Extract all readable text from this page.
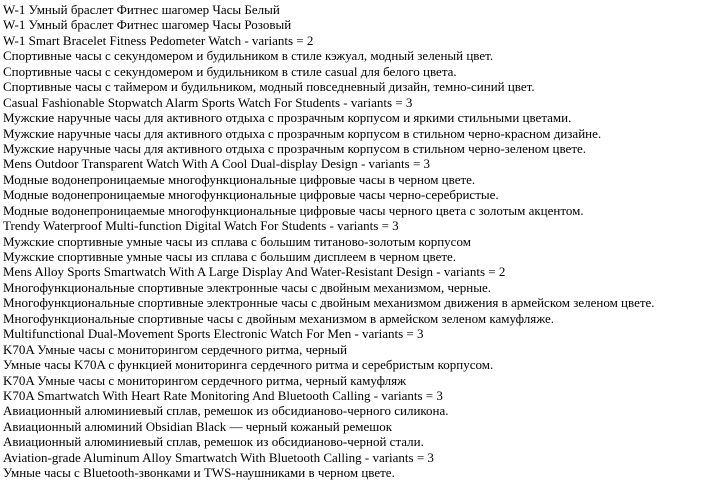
W-1 Умный браслет Фитнес шагомер Часы Белый
W-1 Умный браслет Фитнес шагомер Часы Розовый
W-1 Smart Bracelet Fitness Pedometer Watch - variants = 2
Спортивные часы с секундомером и будильником в стиле кэжуал, модный зеленый цвет.
Спортивные часы с секундомером и будильником в стиле casual для белого цвета.
Спортивные часы с таймером и будильником, модный повседневный дизайн, темно-синий цвет.
Casual Fashionable Stopwatch Alarm Sports Watch For Students - variants = 3
Мужские наручные часы для активного отдыха с прозрачным корпусом и яркими стильными цветами.
Мужские наручные часы для активного отдыха с прозрачным корпусом в стильном черно-красном дизайне.
Мужские наручные часы для активного отдыха с прозрачным корпусом в стильном черно-зеленом цвете.
Mens Outdoor Transparent Watch With A Cool Dual-display Design - variants = 3
Модные водонепроницаемые многофункциональные цифровые часы в черном цвете.
Модные водонепроницаемые многофункциональные цифровые часы черно-серебристые.
Модные водонепроницаемые многофункциональные цифровые часы черного цвета с золотым акцентом.
Trendy Waterproof Multi-function Digital Watch For Students - variants = 3
Мужские спортивные умные часы из сплава с большим титаново-золотым корпусом
Мужские спортивные умные часы из сплава с большим дисплеем в черном цвете.
Mens Alloy Sports Smartwatch With A Large Display And Water-Resistant Design - variants = 2
Многофункциональные спортивные электронные часы с двойным механизмом, черные.
Многофункциональные спортивные электронные часы с двойным механизмом движения в армейском зеленом цвете.
Многофункциональные спортивные часы с двойным механизмом в армейском зеленом камуфляже.
Multifunctional Dual-Movement Sports Electronic Watch For Men - variants = 3
K70A Умные часы с мониторингом сердечного ритма, черный
Умные часы K70A с функцией мониторинга сердечного ритма и серебристым корпусом.
K70A Умные часы с мониторингом сердечного ритма, черный камуфляж
K70A Smartwatch With Heart Rate Monitoring And Bluetooth Calling - variants = 3
Авиационный алюминиевый сплав, ремешок из обсидианово-черного силикона.
Авиационный алюминий Obsidian Black — черный кожаный ремешок
Авиационный алюминиевый сплав, ремешок из обсидианово-черной стали.
Aviation-grade Aluminum Alloy Smartwatch With Bluetooth Calling - variants = 3
Умные часы с Bluetooth-звонками и TWS-наушниками в черном цвете.
